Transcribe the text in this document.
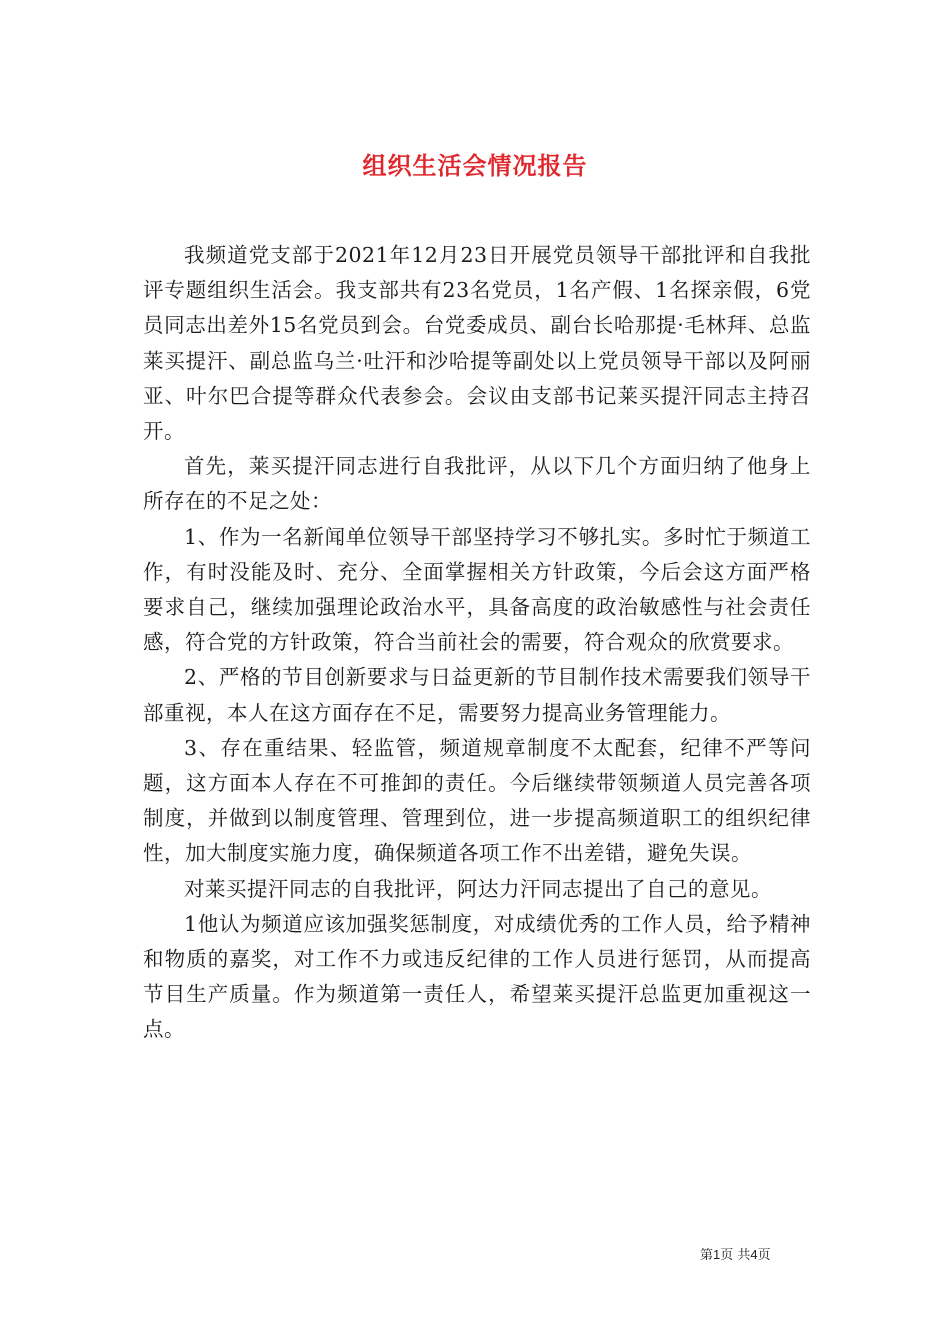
组织生活会情况报告

我频道党支部于2021年12月23日开展党员领导干部批评和自我批评专题组织生活会。我支部共有23名党员，1名产假、1名探亲假，6党员同志出差外15名党员到会。台党委成员、副台长哈那提·毛林拜、总监莱买提汗、副总监乌兰·吐汗和沙哈提等副处以上党员领导干部以及阿丽亚、叶尔巴合提等群众代表参会。会议由支部书记莱买提汗同志主持召开。

首先，莱买提汗同志进行自我批评，从以下几个方面归纳了他身上所存在的不足之处：

1、作为一名新闻单位领导干部坚持学习不够扎实。多时忙于频道工作，有时没能及时、充分、全面掌握相关方针政策，今后会这方面严格要求自己，继续加强理论政治水平，具备高度的政治敏感性与社会责任感，符合党的方针政策，符合当前社会的需要，符合观众的欣赏要求。

2、严格的节目创新要求与日益更新的节目制作技术需要我们领导干部重视，本人在这方面存在不足，需要努力提高业务管理能力。

3、存在重结果、轻监管，频道规章制度不太配套，纪律不严等问题，这方面本人存在不可推卸的责任。今后继续带领频道人员完善各项制度，并做到以制度管理、管理到位，进一步提高频道职工的组织纪律性，加大制度实施力度，确保频道各项工作不出差错，避免失误。

对莱买提汗同志的自我批评，阿达力汗同志提出了自己的意见。

1他认为频道应该加强奖惩制度，对成绩优秀的工作人员，给予精神和物质的嘉奖，对工作不力或违反纪律的工作人员进行惩罚，从而提高节目生产质量。作为频道第一责任人，希望莱买提汗总监更加重视这一点。

第1页 共4页
